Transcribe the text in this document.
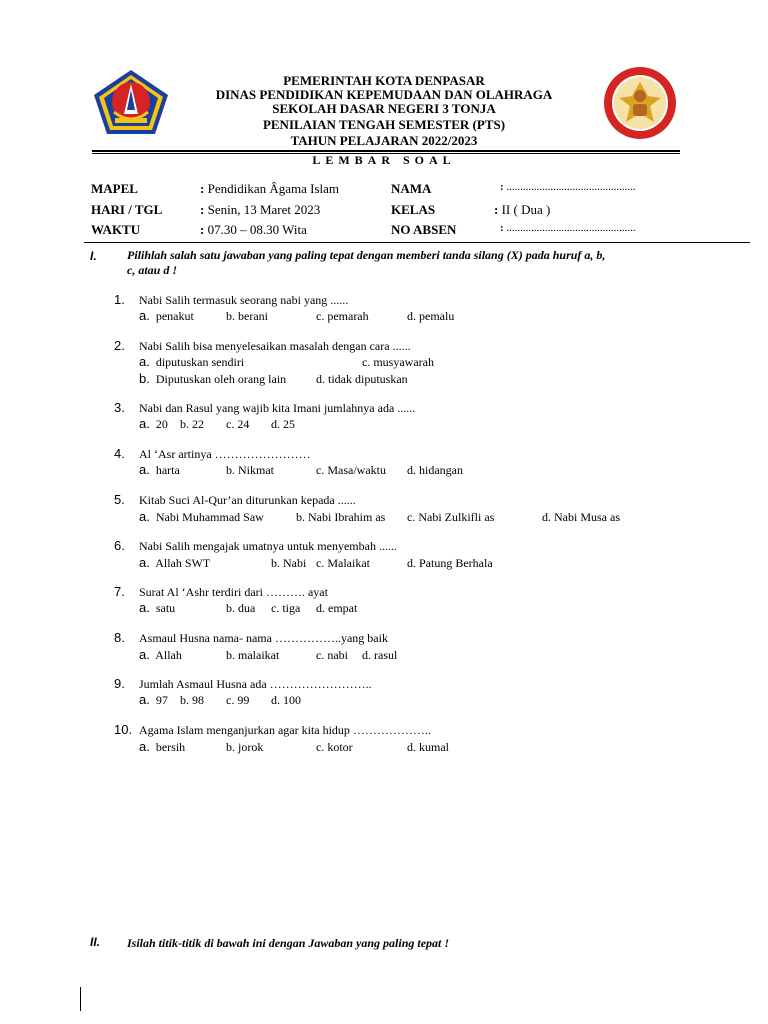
PEMERINTAH KOTA DENPASAR
DINAS PENDIDIKAN KEPEMUDAAN DAN OLAHRAGA
SEKOLAH DASAR NEGERI 3 TONJA
PENILAIAN TENGAH SEMESTER (PTS)
TAHUN PELAJARAN 2022/2023
LEMBAR SOAL
MAPEL	: Pendidikan Ȃgama Islam	NAMA	: ...............................................
HARI / TGL	: Senin, 13 Maret 2023	KELAS	: II ( Dua )
WAKTU	: 07.30 – 08.30 Wita	NO ABSEN	: ...............................................
I.	Pilihlah salah satu jawaban yang paling tepat dengan memberi tanda silang (X) pada huruf a, b,
c, atau d !
1. Nabi Salih termasuk seorang nabi yang ......
a. penakut	b. berani	c. pemarah	d. pemalu
2. Nabi Salih bisa menyelesaikan masalah dengan cara ......
a. diputuskan sendiri	c. musyawarah
b. Diputuskan oleh orang lain d. tidak diputuskan
3. Nabi dan Rasul yang wajib kita Imani jumlahnya ada ......
a. 20 b. 22 c. 24 d. 25
4. Al ‘Asr artinya ……………………
a. harta	b. Nikmat	c. Masa/waktu d. hidangan
5. Kitab Suci Al-Qur’an diturunkan kepada ......
a. Nabi Muhammad Saw	b. Nabi Ibrahim as c. Nabi Zulkifli as	d. Nabi Musa as
6. Nabi Salih mengajak umatnya untuk menyembah ......
a. Allah SWT	b. Nabi c. Malaikat	d. Patung Berhala
7. Surat Al ‘Ashr terdiri dari ………. ayat
a. satu	b. dua c. tiga d. empat
8. Asmaul Husna nama- nama ……………..yang baik
a. Allah	b. malaikat	c. nabi d. rasul
9. Jumlah Asmaul Husna ada ……………………..
a. 97 b. 98 c. 99 d. 100
10. Agama Islam menganjurkan agar kita hidup ………………..
a. bersih	b. jorok	c. kotor	d. kumal
II. Isilah titik-titik di bawah ini dengan Jawaban yang paling tepat !
